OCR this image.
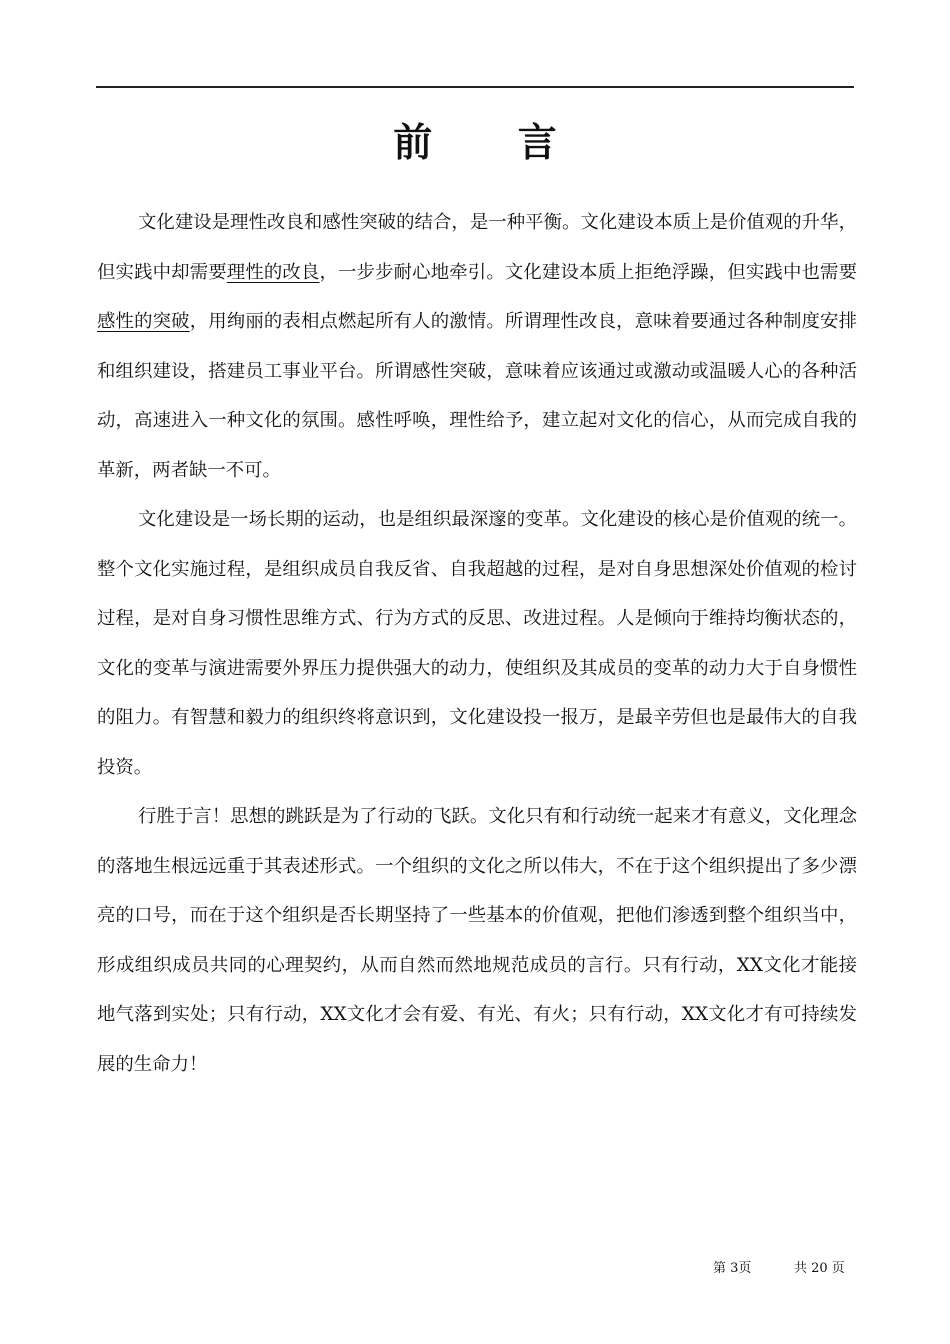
前 言

文化建设是理性改良和感性突破的结合，是一种平衡。文化建设本质上是价值观的升华，但实践中却需要理性的改良，一步步耐心地牵引。文化建设本质上拒绝浮躁，但实践中也需要感性的突破，用绚丽的表相点燃起所有人的激情。所谓理性改良，意味着要通过各种制度安排和组织建设，搭建员工事业平台。所谓感性突破，意味着应该通过或激动或温暖人心的各种活动，高速进入一种文化的氛围。感性呼唤，理性给予，建立起对文化的信心，从而完成自我的革新，两者缺一不可。

文化建设是一场长期的运动，也是组织最深邃的变革。文化建设的核心是价值观的统一。整个文化实施过程，是组织成员自我反省、自我超越的过程，是对自身思想深处价值观的检讨过程，是对自身习惯性思维方式、行为方式的反思、改进过程。人是倾向于维持均衡状态的，文化的变革与演进需要外界压力提供强大的动力，使组织及其成员的变革的动力大于自身惯性的阻力。有智慧和毅力的组织终将意识到，文化建设投一报万，是最辛劳但也是最伟大的自我投资。

行胜于言！思想的跳跃是为了行动的飞跃。文化只有和行动统一起来才有意义，文化理念的落地生根远远重于其表述形式。一个组织的文化之所以伟大，不在于这个组织提出了多少漂亮的口号，而在于这个组织是否长期坚持了一些基本的价值观，把他们渗透到整个组织当中，形成组织成员共同的心理契约，从而自然而然地规范成员的言行。只有行动，XX文化才能接地气落到实处；只有行动，XX文化才会有爱、有光、有火；只有行动，XX文化才有可持续发展的生命力！

第 3页	共 20 页
